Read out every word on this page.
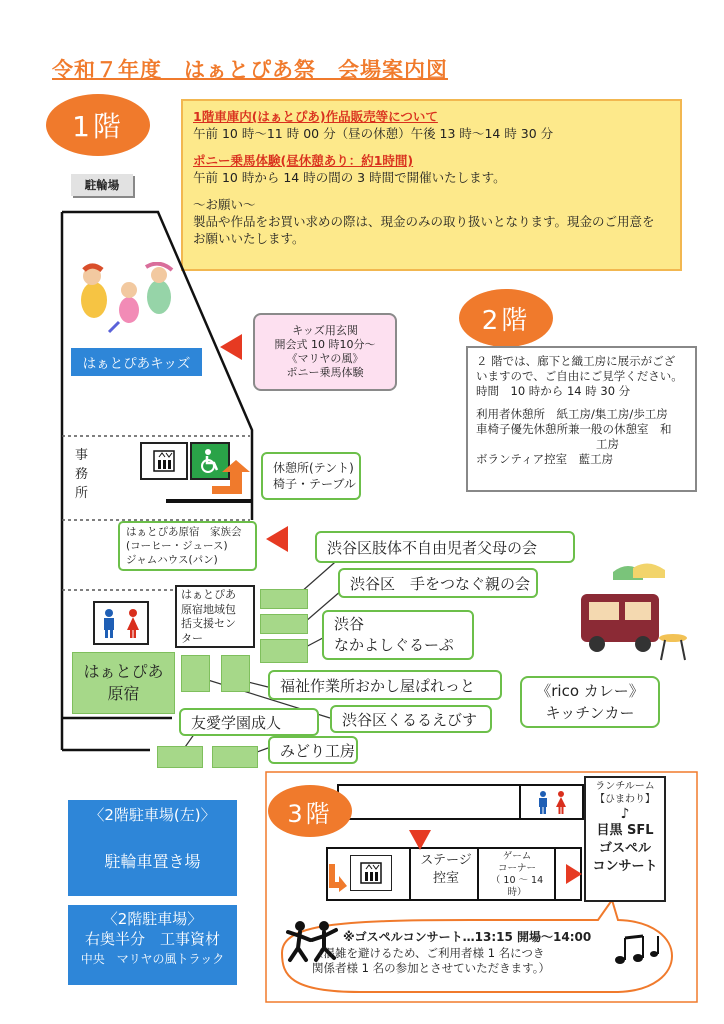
令和７年度　はぁとぴあ祭　会場案内図
1階	1階車庫内(はぁとぴあ)作品販売等について
午前 10 時～11 時 00 分（昼の休憩）午後 13 時～14 時 30 分
ポニー乗馬体験(昼休憩あり：約1時間)
午前 10 時から 14 時の間の 3 時間で開催いたします。
～お願い～
製品や作品をお買い求めの際は、現金のみの取り扱いとなります。現金のご用意を
お願いいたします。
駐輪場
はぁとぴあキッズ
キッズ用玄関
開会式 10 時10分～
《マリヤの風》
ポニー乗馬体験
事務所
休憩所(テント)
椅子・テーブル
はぁとぴあ原宿　家族会
(コーヒー・ジュース)
ジャムハウス(パン)
はぁとぴあ
原宿地域包
括支援セン
ター
はぁとぴあ
原宿
渋谷区肢体不自由児者父母の会
渋谷区　手をつなぐ親の会
渋谷
なかよしぐるーぷ
福祉作業所おかし屋ぱれっと
渋谷区くるるえびす
友愛学園成人
みどり工房
《rico カレー》
キッチンカー
2階
２ 階では、廊下と織工房に展示がござ
いますので、ご自由にご見学ください。
時間　10 時から 14 時 30 分
利用者休憩所　紙工房/集工房/歩工房
車椅子優先休憩所兼一般の休憩室　和
工房
ボランティア控室　藍工房
〈2階駐車場(左)〉
駐輪車置き場
〈2階駐車場〉
右奥半分　工事資材
中央　マリヤの風トラック
3階
ステージ
控室
ゲーム
コーナー
（ 10 ～ 14
時）
ランチルーム
【ひまわり】
♪
目黒 SFL
ゴスペル
コンサート
※ゴスペルコンサート…13:15 開場～14:00
（混雑を避けるため、ご利用者様 1 名につき
関係者様 1 名の参加とさせていただきます。）
